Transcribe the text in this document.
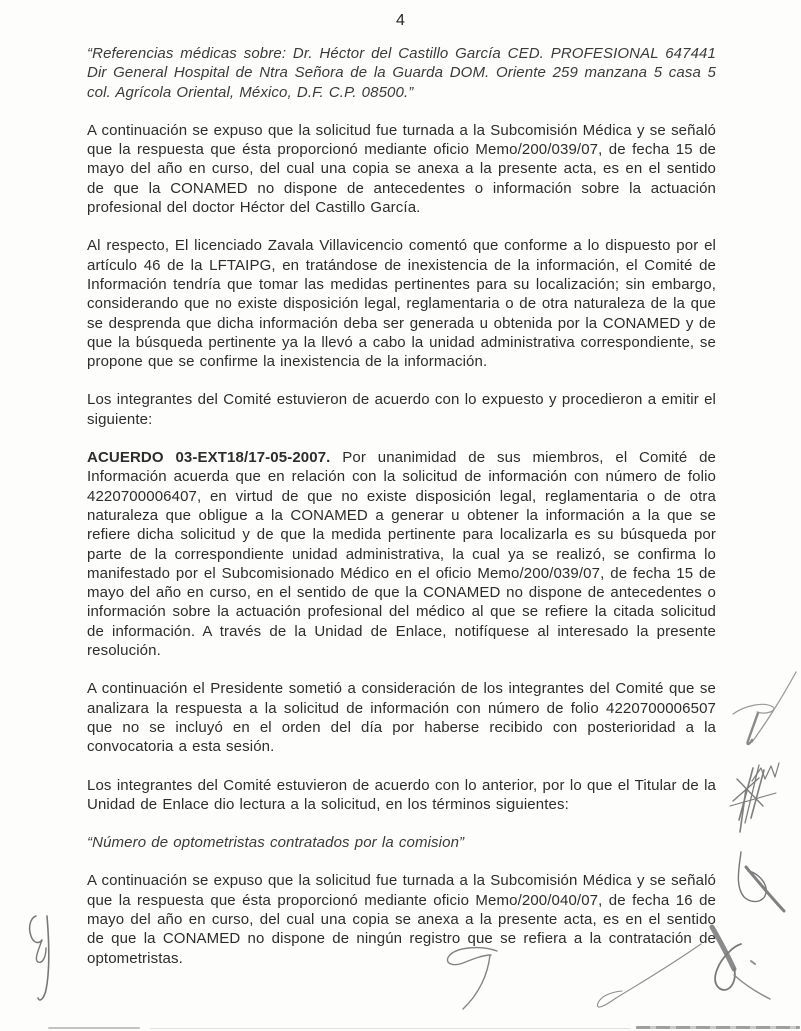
4

“Referencias médicas sobre: Dr. Héctor del Castillo García CED. PROFESIONAL 647441 Dir General Hospital de Ntra Señora de la Guarda DOM. Oriente 259 manzana 5 casa 5 col. Agrícola Oriental, México, D.F. C.P. 08500.”

A continuación se expuso que la solicitud fue turnada a la Subcomisión Médica y se señaló que la respuesta que ésta proporcionó mediante oficio Memo/200/039/07, de fecha 15 de mayo del año en curso, del cual una copia se anexa a la presente acta, es en el sentido de que la CONAMED no dispone de antecedentes o información sobre la actuación profesional del doctor Héctor del Castillo García.

Al respecto, El licenciado Zavala Villavicencio comentó que conforme a lo dispuesto por el artículo 46 de la LFTAIPG, en tratándose de inexistencia de la información, el Comité de Información tendría que tomar las medidas pertinentes para su localización; sin embargo, considerando que no existe disposición legal, reglamentaria o de otra naturaleza de la que se desprenda que dicha información deba ser generada u obtenida por la CONAMED y de que la búsqueda pertinente ya la llevó a cabo la unidad administrativa correspondiente, se propone que se confirme la inexistencia de la información.

Los integrantes del Comité estuvieron de acuerdo con lo expuesto y procedieron a emitir el siguiente:

ACUERDO 03-EXT18/17-05-2007. Por unanimidad de sus miembros, el Comité de Información acuerda que en relación con la solicitud de información con número de folio 4220700006407, en virtud de que no existe disposición legal, reglamentaria o de otra naturaleza que obligue a la CONAMED a generar u obtener la información a la que se refiere dicha solicitud y de que la medida pertinente para localizarla es su búsqueda por parte de la correspondiente unidad administrativa, la cual ya se realizó, se confirma lo manifestado por el Subcomisionado Médico en el oficio Memo/200/039/07, de fecha 15 de mayo del año en curso, en el sentido de que la CONAMED no dispone de antecedentes o información sobre la actuación profesional del médico al que se refiere la citada solicitud de información. A través de la Unidad de Enlace, notifíquese al interesado la presente resolución.

A continuación el Presidente sometió a consideración de los integrantes del Comité que se analizara la respuesta a la solicitud de información con número de folio 4220700006507 que no se incluyó en el orden del día por haberse recibido con posterioridad a la convocatoria a esta sesión.

Los integrantes del Comité estuvieron de acuerdo con lo anterior, por lo que el Titular de la Unidad de Enlace dio lectura a la solicitud, en los términos siguientes:

“Número de optometristas contratados por la comision”

A continuación se expuso que la solicitud fue turnada a la Subcomisión Médica y se señaló que la respuesta que ésta proporcionó mediante oficio Memo/200/040/07, de fecha 16 de mayo del año en curso, del cual una copia se anexa a la presente acta, es en el sentido de que la CONAMED no dispone de ningún registro que se refiera a la contratación de optometristas.
